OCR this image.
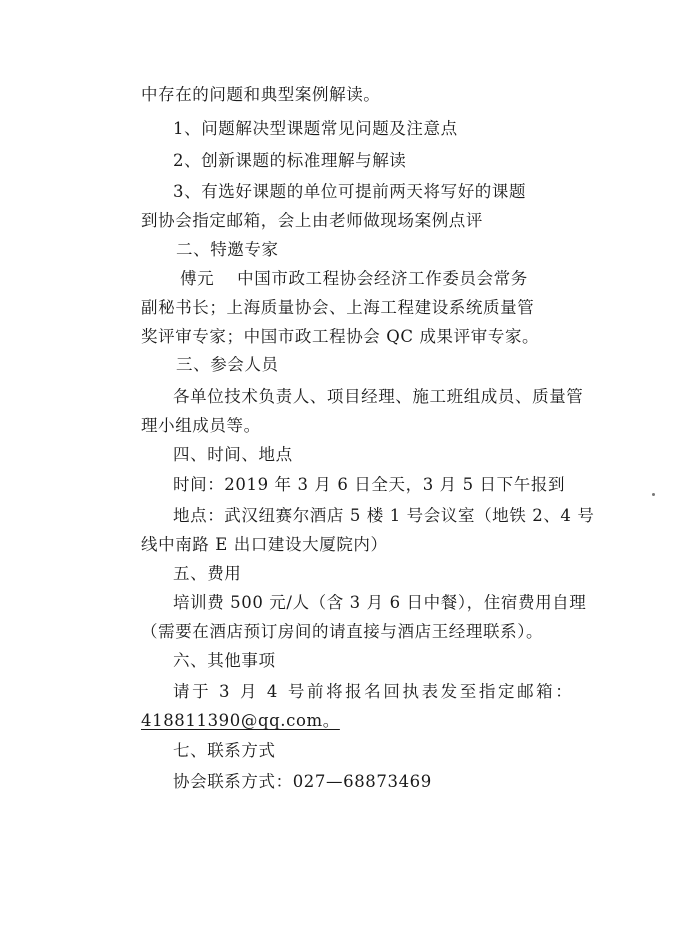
中存在的问题和典型案例解读。
1、问题解决型课题常见问题及注意点
2、创新课题的标准理解与解读
3、有选好课题的单位可提前两天将写好的课题
到协会指定邮箱，会上由老师做现场案例点评
二、特邀专家
傅元　 中国市政工程协会经济工作委员会常务
副秘书长；上海质量协会、上海工程建设系统质量管
奖评审专家；中国市政工程协会 QC 成果评审专家。
三、参会人员
各单位技术负责人、项目经理、施工班组成员、质量管
理小组成员等。
四、时间、地点
时间：2019 年 3 月 6 日全天，3 月 5 日下午报到
地点：武汉纽赛尔酒店 5 楼 1 号会议室（地铁 2、4 号
线中南路 E 出口建设大厦院内）
五、费用
培训费 500 元/人（含 3 月 6 日中餐），住宿费用自理
（需要在酒店预订房间的请直接与酒店王经理联系）。
六、其他事项
请于 3 月 4 号前将报名回执表发至指定邮箱：
418811390@qq.com。
七、联系方式
协会联系方式：027—68873469
